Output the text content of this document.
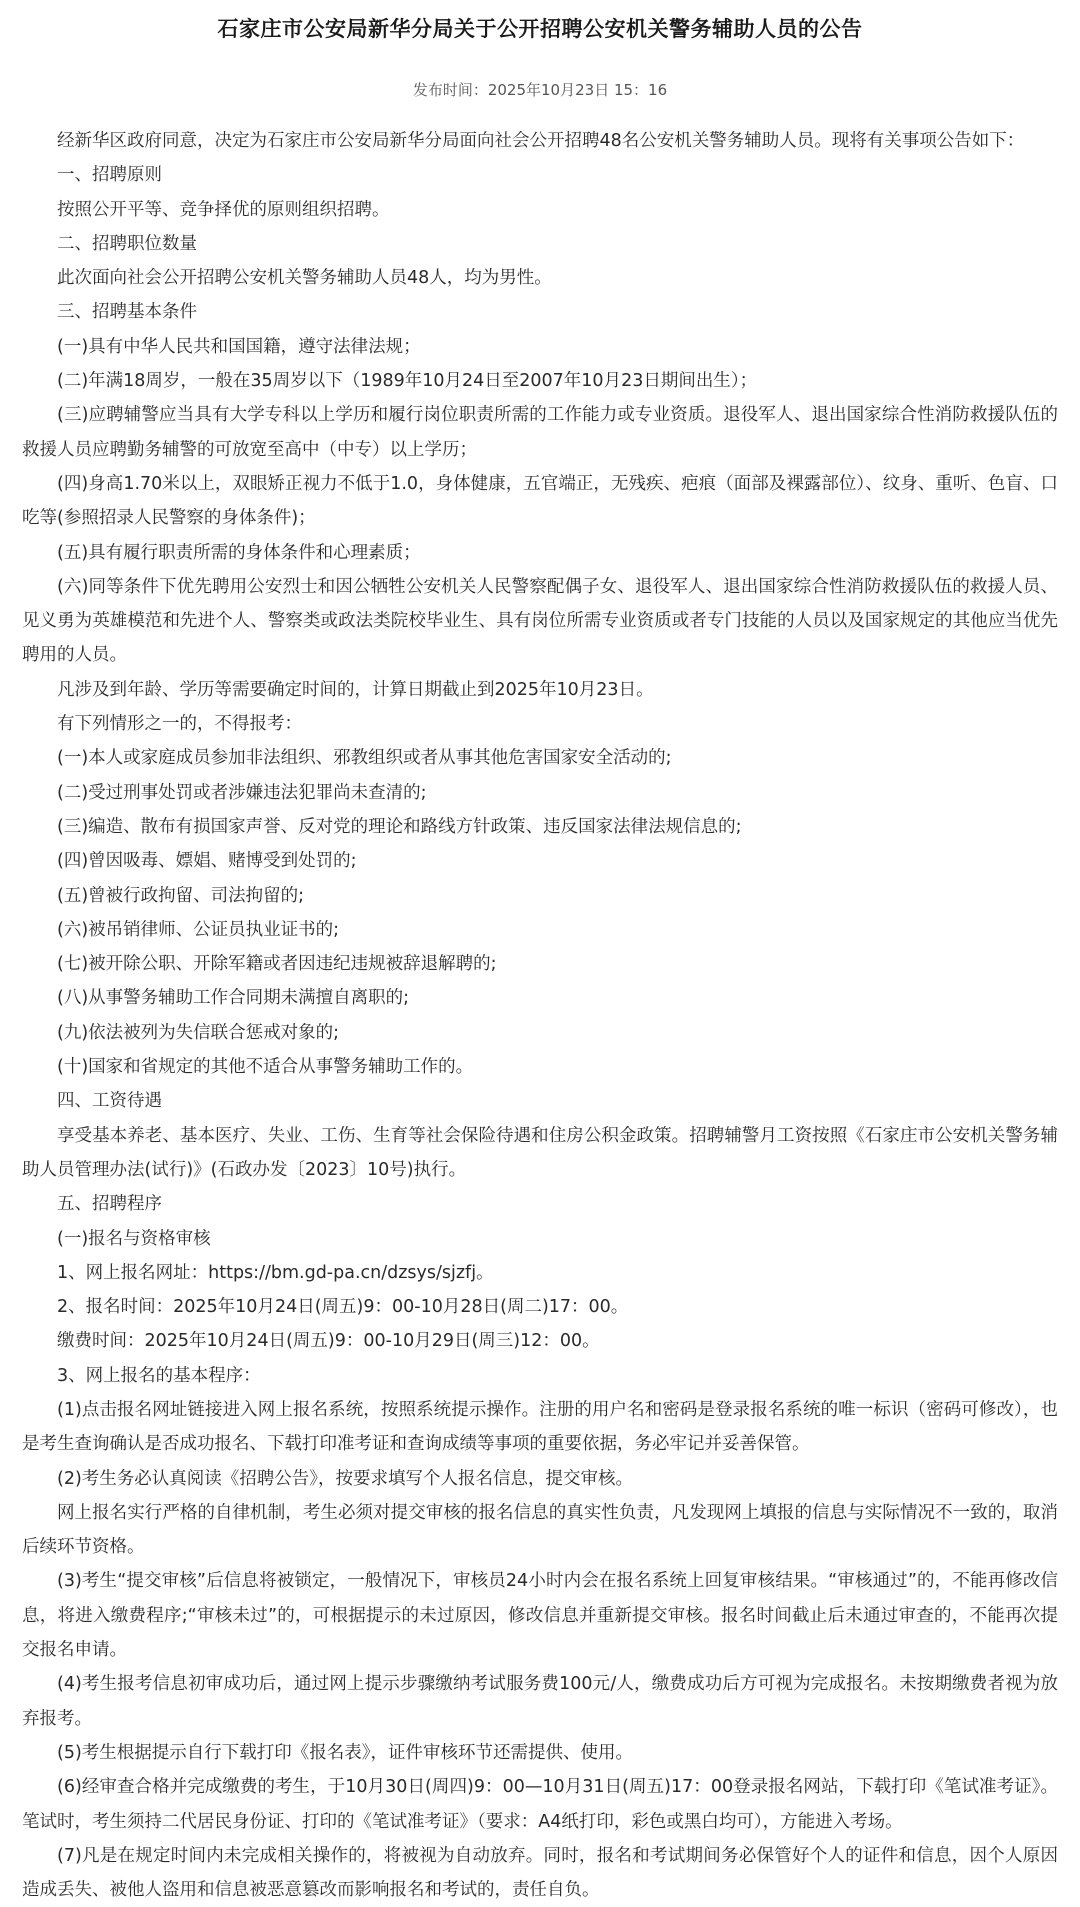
石家庄市公安局新华分局关于公开招聘公安机关警务辅助人员的公告
发布时间：2025年10月23日 15：16

经新华区政府同意，决定为石家庄市公安局新华分局面向社会公开招聘48名公安机关警务辅助人员。现将有关事项公告如下：

一、招聘原则

按照公开平等、竞争择优的原则组织招聘。

二、招聘职位数量

此次面向社会公开招聘公安机关警务辅助人员48人，均为男性。

三、招聘基本条件

(一)具有中华人民共和国国籍，遵守法律法规；

(二)年满18周岁，一般在35周岁以下（1989年10月24日至2007年10月23日期间出生）；

(三)应聘辅警应当具有大学专科以上学历和履行岗位职责所需的工作能力或专业资质。退役军人、退出国家综合性消防救援队伍的救援人员应聘勤务辅警的可放宽至高中（中专）以上学历；

(四)身高1.70米以上，双眼矫正视力不低于1.0，身体健康，五官端正，无残疾、疤痕（面部及裸露部位）、纹身、重听、色盲、口吃等(参照招录人民警察的身体条件)；

(五)具有履行职责所需的身体条件和心理素质；

(六)同等条件下优先聘用公安烈士和因公牺牲公安机关人民警察配偶子女、退役军人、退出国家综合性消防救援队伍的救援人员、见义勇为英雄模范和先进个人、警察类或政法类院校毕业生、具有岗位所需专业资质或者专门技能的人员以及国家规定的其他应当优先聘用的人员。

凡涉及到年龄、学历等需要确定时间的，计算日期截止到2025年10月23日。

有下列情形之一的，不得报考：

(一)本人或家庭成员参加非法组织、邪教组织或者从事其他危害国家安全活动的;

(二)受过刑事处罚或者涉嫌违法犯罪尚未查清的;

(三)编造、散布有损国家声誉、反对党的理论和路线方针政策、违反国家法律法规信息的;

(四)曾因吸毒、嫖娼、赌博受到处罚的;

(五)曾被行政拘留、司法拘留的;

(六)被吊销律师、公证员执业证书的;

(七)被开除公职、开除军籍或者因违纪违规被辞退解聘的;

(八)从事警务辅助工作合同期未满擅自离职的;

(九)依法被列为失信联合惩戒对象的;

(十)国家和省规定的其他不适合从事警务辅助工作的。

四、工资待遇

享受基本养老、基本医疗、失业、工伤、生育等社会保险待遇和住房公积金政策。招聘辅警月工资按照《石家庄市公安机关警务辅助人员管理办法(试行)》(石政办发〔2023〕10号)执行。

五、招聘程序

(一)报名与资格审核

1、网上报名网址：https://bm.gd-pa.cn/dzsys/sjzfj。

2、报名时间：2025年10月24日(周五)9：00-10月28日(周二)17：00。

缴费时间：2025年10月24日(周五)9：00-10月29日(周三)12：00。

3、网上报名的基本程序：

(1)点击报名网址链接进入网上报名系统，按照系统提示操作。注册的用户名和密码是登录报名系统的唯一标识（密码可修改），也是考生查询确认是否成功报名、下载打印准考证和查询成绩等事项的重要依据，务必牢记并妥善保管。

(2)考生务必认真阅读《招聘公告》，按要求填写个人报名信息，提交审核。

网上报名实行严格的自律机制，考生必须对提交审核的报名信息的真实性负责，凡发现网上填报的信息与实际情况不一致的，取消后续环节资格。

(3)考生“提交审核”后信息将被锁定，一般情况下，审核员24小时内会在报名系统上回复审核结果。“审核通过”的，不能再修改信息，将进入缴费程序;“审核未过”的，可根据提示的未过原因，修改信息并重新提交审核。报名时间截止后未通过审查的，不能再次提交报名申请。

(4)考生报考信息初审成功后，通过网上提示步骤缴纳考试服务费100元/人，缴费成功后方可视为完成报名。未按期缴费者视为放弃报考。

(5)考生根据提示自行下载打印《报名表》，证件审核环节还需提供、使用。

(6)经审查合格并完成缴费的考生，于10月30日(周四)9：00—10月31日(周五)17：00登录报名网站，下载打印《笔试准考证》。笔试时，考生须持二代居民身份证、打印的《笔试准考证》（要求：A4纸打印，彩色或黑白均可），方能进入考场。

(7)凡是在规定时间内未完成相关操作的，将被视为自动放弃。同时，报名和考试期间务必保管好个人的证件和信息，因个人原因造成丢失、被他人盗用和信息被恶意篡改而影响报名和考试的，责任自负。
